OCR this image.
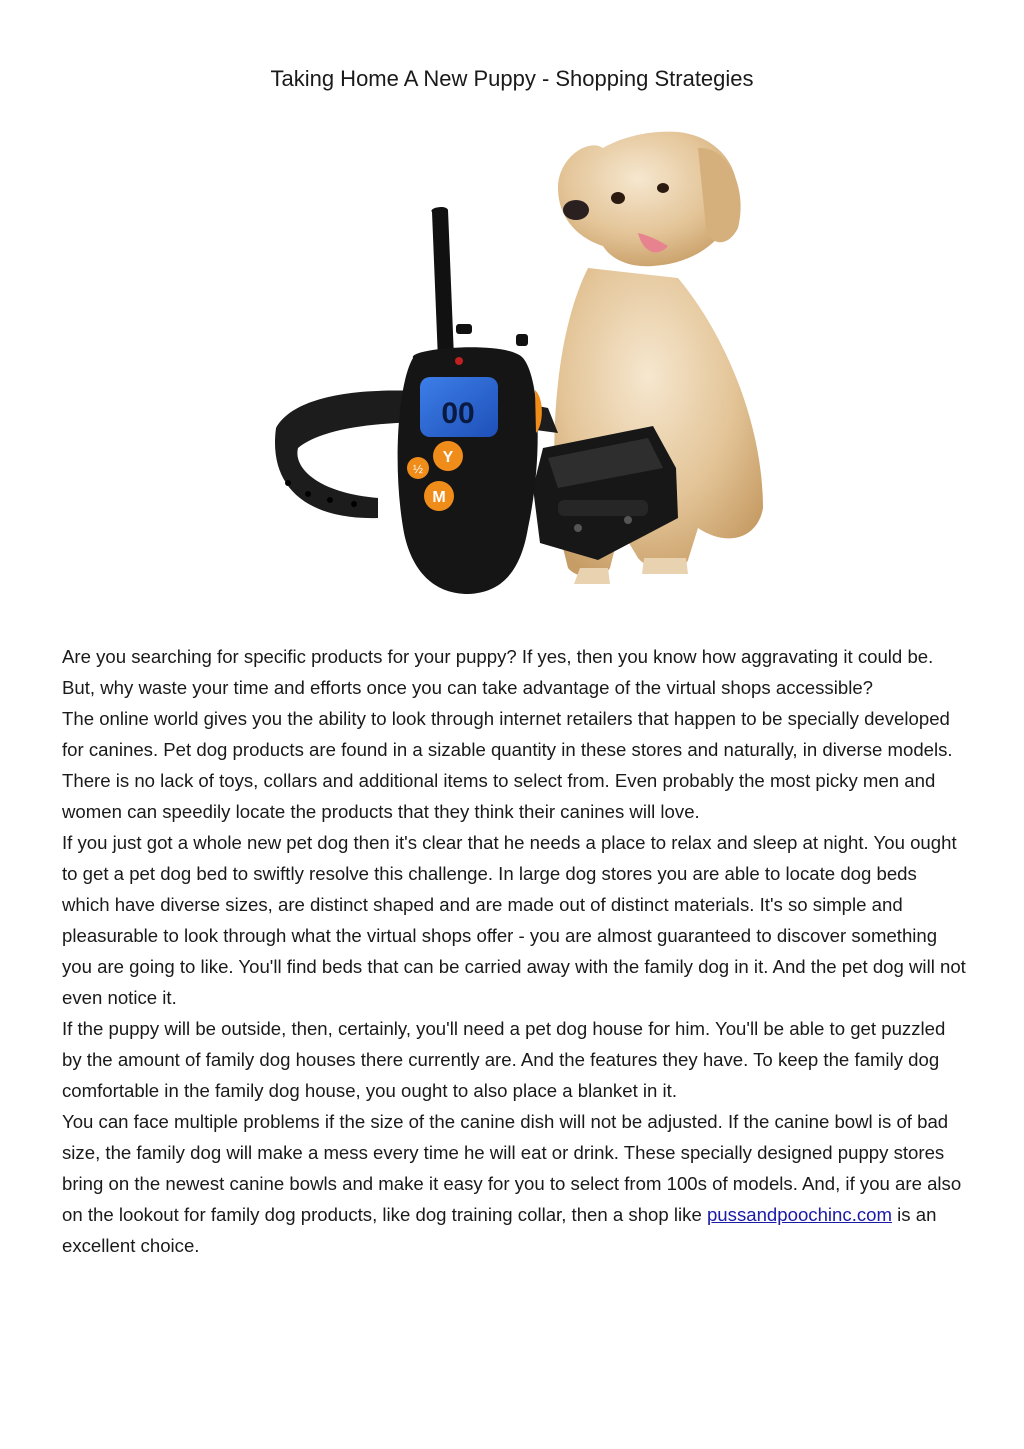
Taking Home A New Puppy - Shopping Strategies
00
Y
½
M

Are you searching for specific products for your puppy? If yes, then you know how aggravating it could be. But, why waste your time and efforts once you can take advantage of the virtual shops accessible?

The online world gives you the ability to look through internet retailers that happen to be specially developed for canines. Pet dog products are found in a sizable quantity in these stores and naturally, in diverse models. There is no lack of toys, collars and additional items to select from. Even probably the most picky men and women can speedily locate the products that they think their canines will love.

If you just got a whole new pet dog then it's clear that he needs a place to relax and sleep at night. You ought to get a pet dog bed to swiftly resolve this challenge. In large dog stores you are able to locate dog beds which have diverse sizes, are distinct shaped and are made out of distinct materials. It's so simple and pleasurable to look through what the virtual shops offer - you are almost guaranteed to discover something you are going to like. You'll find beds that can be carried away with the family dog in it. And the pet dog will not even notice it.

If the puppy will be outside, then, certainly, you'll need a pet dog house for him. You'll be able to get puzzled by the amount of family dog houses there currently are. And the features they have. To keep the family dog comfortable in the family dog house, you ought to also place a blanket in it.

You can face multiple problems if the size of the canine dish will not be adjusted. If the canine bowl is of bad size, the family dog will make a mess every time he will eat or drink. These specially designed puppy stores bring on the newest canine bowls and make it easy for you to select from 100s of models. And, if you are also on the lookout for family dog products, like dog training collar, then a shop like pussandpoochinc.com is an excellent choice.
